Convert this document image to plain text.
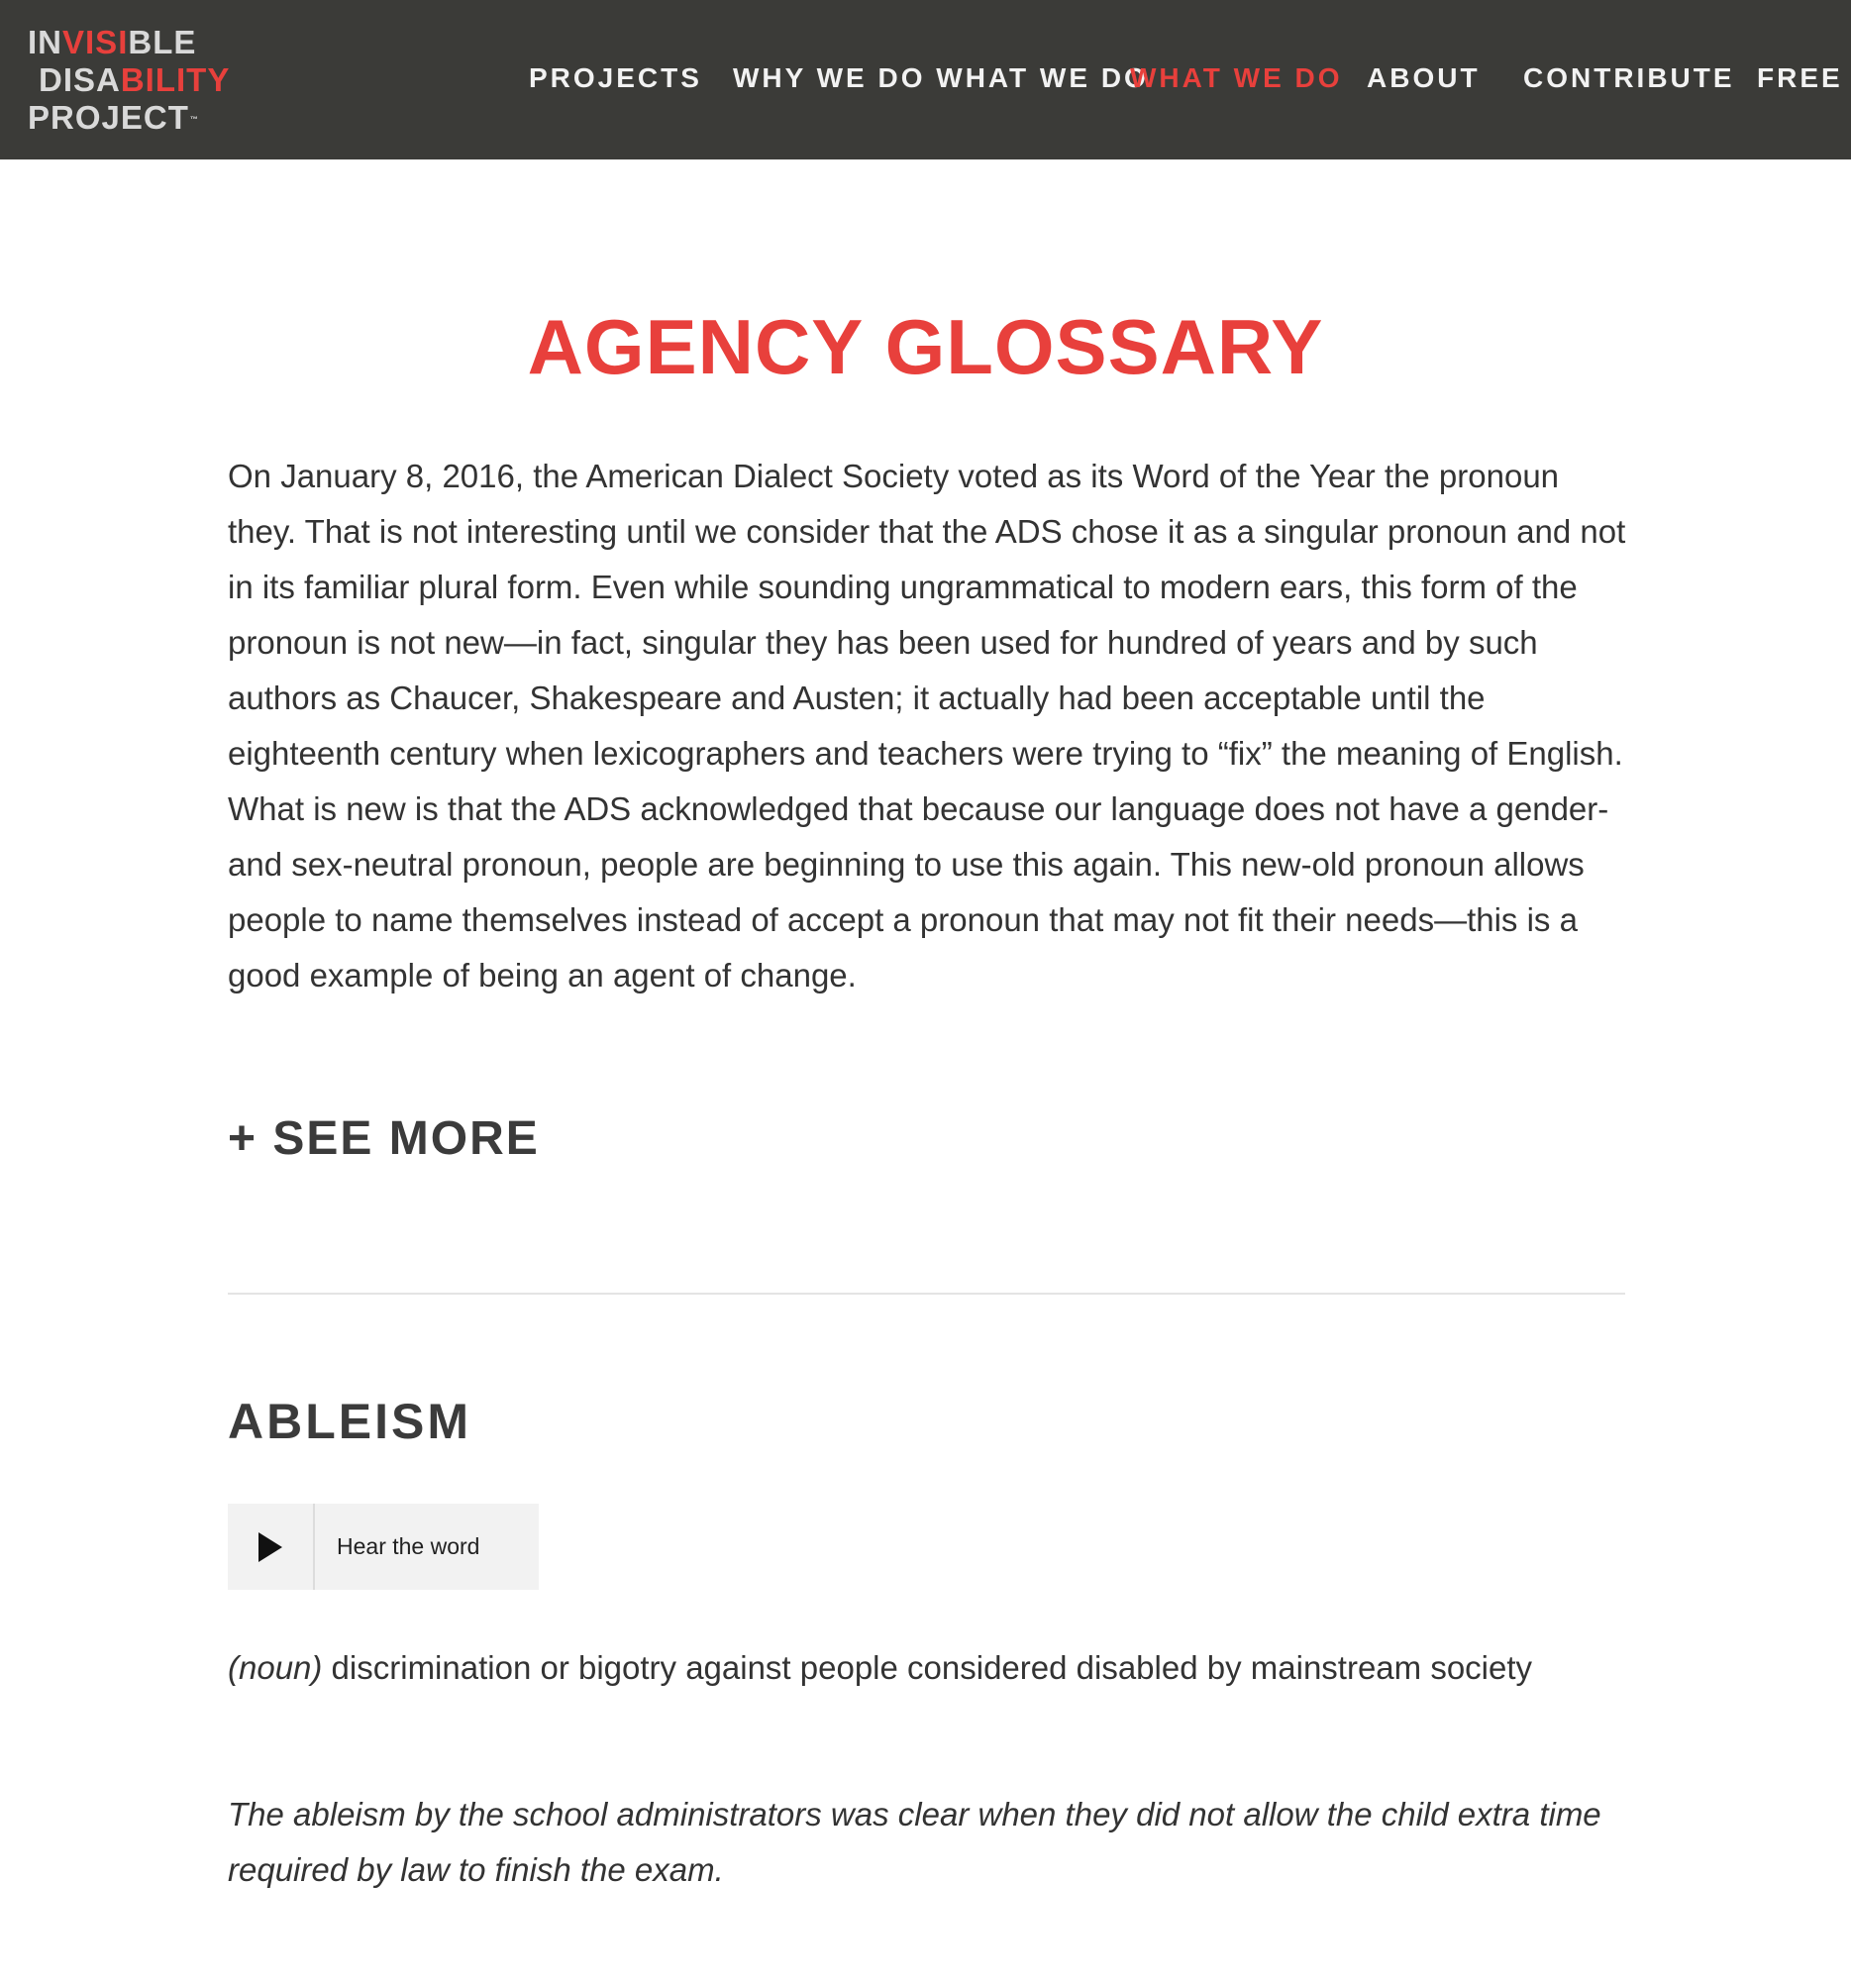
INVISIBLE
DISABILITY
PROJECT™
PROJECTS WHY WE DO WHAT WE DO
WHAT WE DO ABOUT CONTRIBUTE FREE
AGENCY GLOSSARY

On January 8, 2016, the American Dialect Society voted as its Word of the Year the pronoun they. That is not interesting until we consider that the ADS chose it as a singular pronoun and not in its familiar plural form. Even while sounding ungrammatical to modern ears, this form of the pronoun is not new—in fact, singular they has been used for hundred of years and by such authors as Chaucer, Shakespeare and Austen; it actually had been acceptable until the eighteenth century when lexicographers and teachers were trying to “fix” the meaning of English. What is new is that the ADS acknowledged that because our language does not have a gender- and sex-neutral pronoun, people are beginning to use this again. This new-old pronoun allows people to name themselves instead of accept a pronoun that may not fit their needs—this is a good example of being an agent of change.

+ SEE MORE
ABLEISM
Hear the word

(noun) discrimination or bigotry against people considered disabled by mainstream society

The ableism by the school administrators was clear when they did not allow the child extra time required by law to finish the exam.
